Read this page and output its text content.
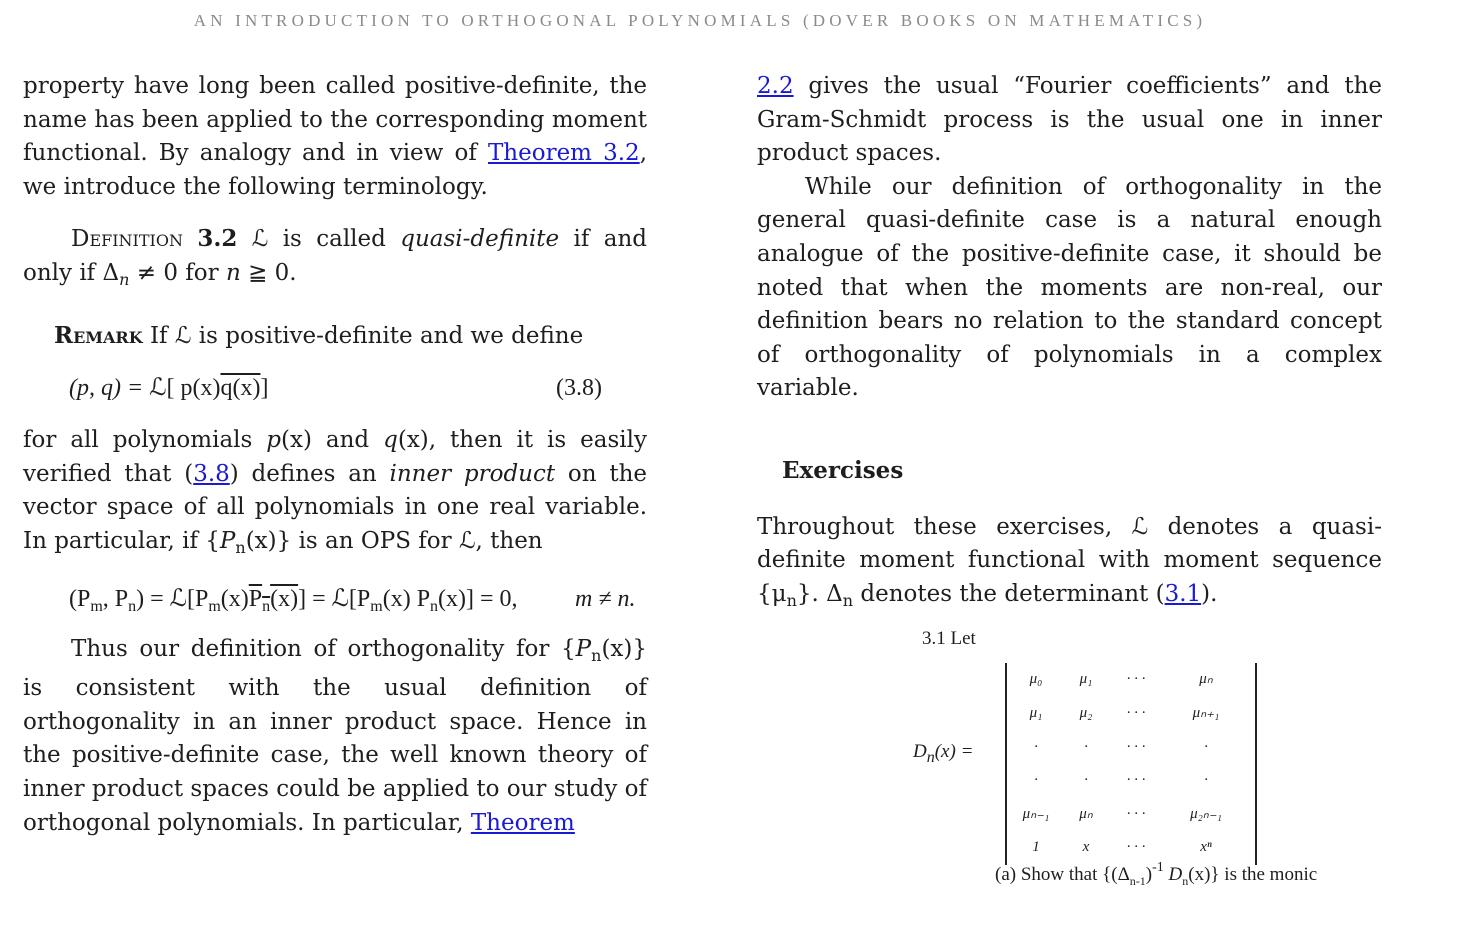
AN INTRODUCTION TO ORTHOGONAL POLYNOMIALS (DOVER BOOKS ON MATHEMATICS)

property have long been called positive-definite, the name has been applied to the corresponding moment functional. By analogy and in view of Theorem 3.2, we introduce the following terminology.

Definition 3.2 ℒ is called quasi-definite if and only if $\Delta_n \ne 0$ for n ≧ 0.

Remark If ℒ is positive-definite and we define

(p, q) = ℒ[ p(x)q(x)]	(3.8)

for all polynomials p(x) and q(x), then it is easily verified that (3.8) defines an inner product on the vector space of all polynomials in one real variable. In particular, if $\{P_n(x)\}$ is an OPS for ℒ, then

($P_m$, $P_n$) = $ℒ[P_m(x)P_n(x)]$ = $ℒ[P_m(x) P_n(x)] = 0$, m ≠ n.

Thus our definition of orthogonality for $\{P_n(x)\}$ is consistent with the usual definition of orthogonality in an inner product space. Hence in the positive-definite case, the well known theory of inner product spaces could be applied to our study of orthogonal polynomials. In particular, Theorem

2.2 gives the usual “Fourier coefficients” and the Gram-Schmidt process is the usual one in inner product spaces.

While our definition of orthogonality in the general quasi-definite case is a natural enough analogue of the positive-definite case, it should be noted that when the moments are non-real, our definition bears no relation to the standard concept of orthogonality of polynomials in a complex variable.

Exercises

Throughout these exercises, ℒ denotes a quasi-definite moment functional with moment sequence $\{\mu_n\}$. $\Delta_n$ denotes the determinant (3.1).

3.1 Let
$D_n(x)$ =
μ₀	μ₁	· · ·	μₙ
μ₁	μ₂	· · ·	μₙ₊₁
·	·	· · ·	·
·	·	· · ·	·
μₙ₋₁	μₙ	· · ·	μ₂ₙ₋₁
1	x	· · ·	xⁿ
(a) Show that {$(\Delta_{n-1})^{-1}$ $D_n(x)$} is the monic
